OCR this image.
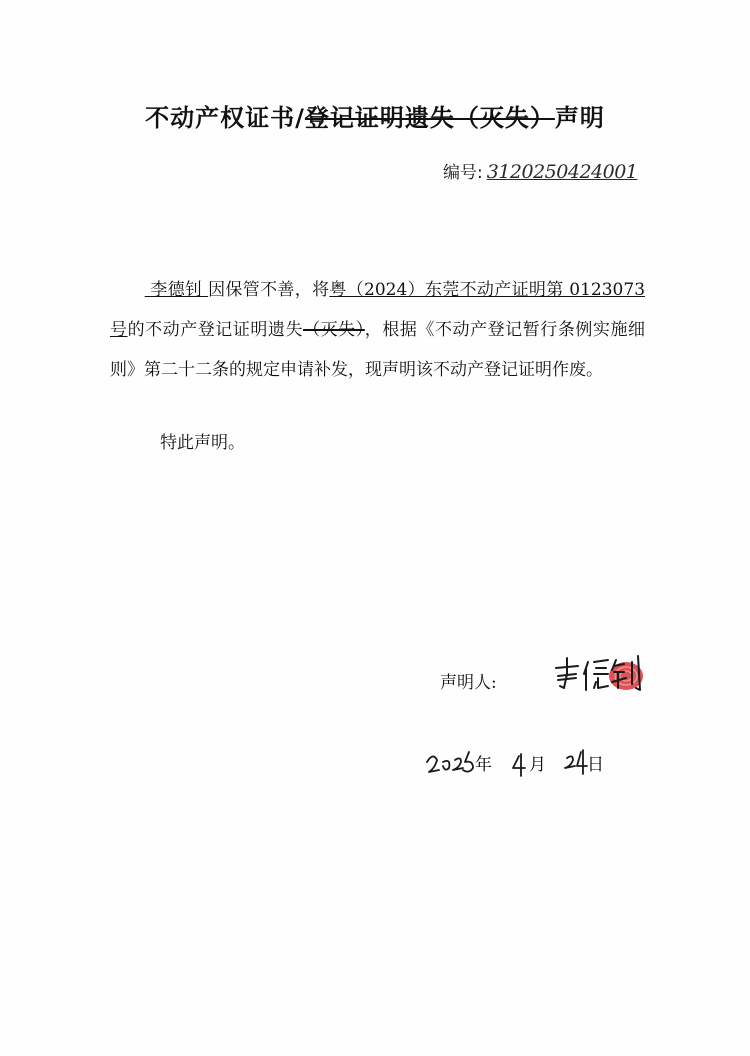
不动产权证书/登记证明遗失（灭失）声明
编号: 3120250424001
　　 李德钊 因保管不善，将粤（2024）东莞不动产证明第 0123073 号的不动产登记证明遗失（灭失），根据《不动产登记暂行条例实施细则》第二十二条的规定申请补发，现声明该不动产登记证明作废。
特此声明。
声明人:
年 月 日
